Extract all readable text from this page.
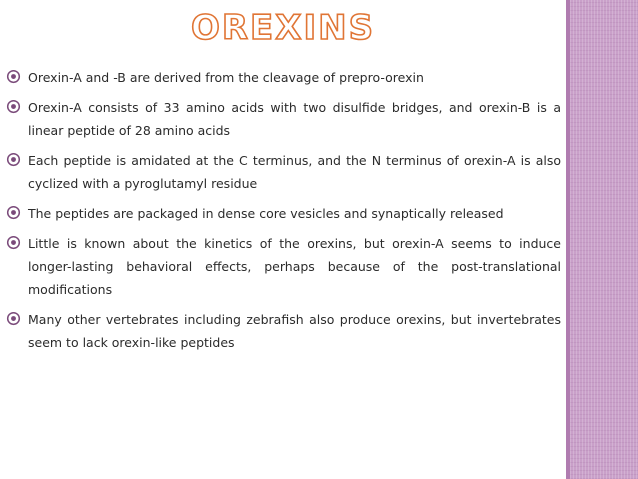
OREXINS
Orexin-A and -B are derived from the cleavage of prepro-orexin
Orexin-A consists of 33 amino acids with two disulfide bridges, and orexin-B is a linear peptide of 28 amino acids
Each peptide is amidated at the C terminus, and the N terminus of orexin-A is also cyclized with a pyroglutamyl residue
The peptides are packaged in dense core vesicles and synaptically released
Little is known about the kinetics of the orexins, but orexin-A seems to induce longer-lasting behavioral effects, perhaps because of the post-translational modifications
Many other vertebrates including zebrafish also produce orexins, but invertebrates seem to lack orexin-like peptides
